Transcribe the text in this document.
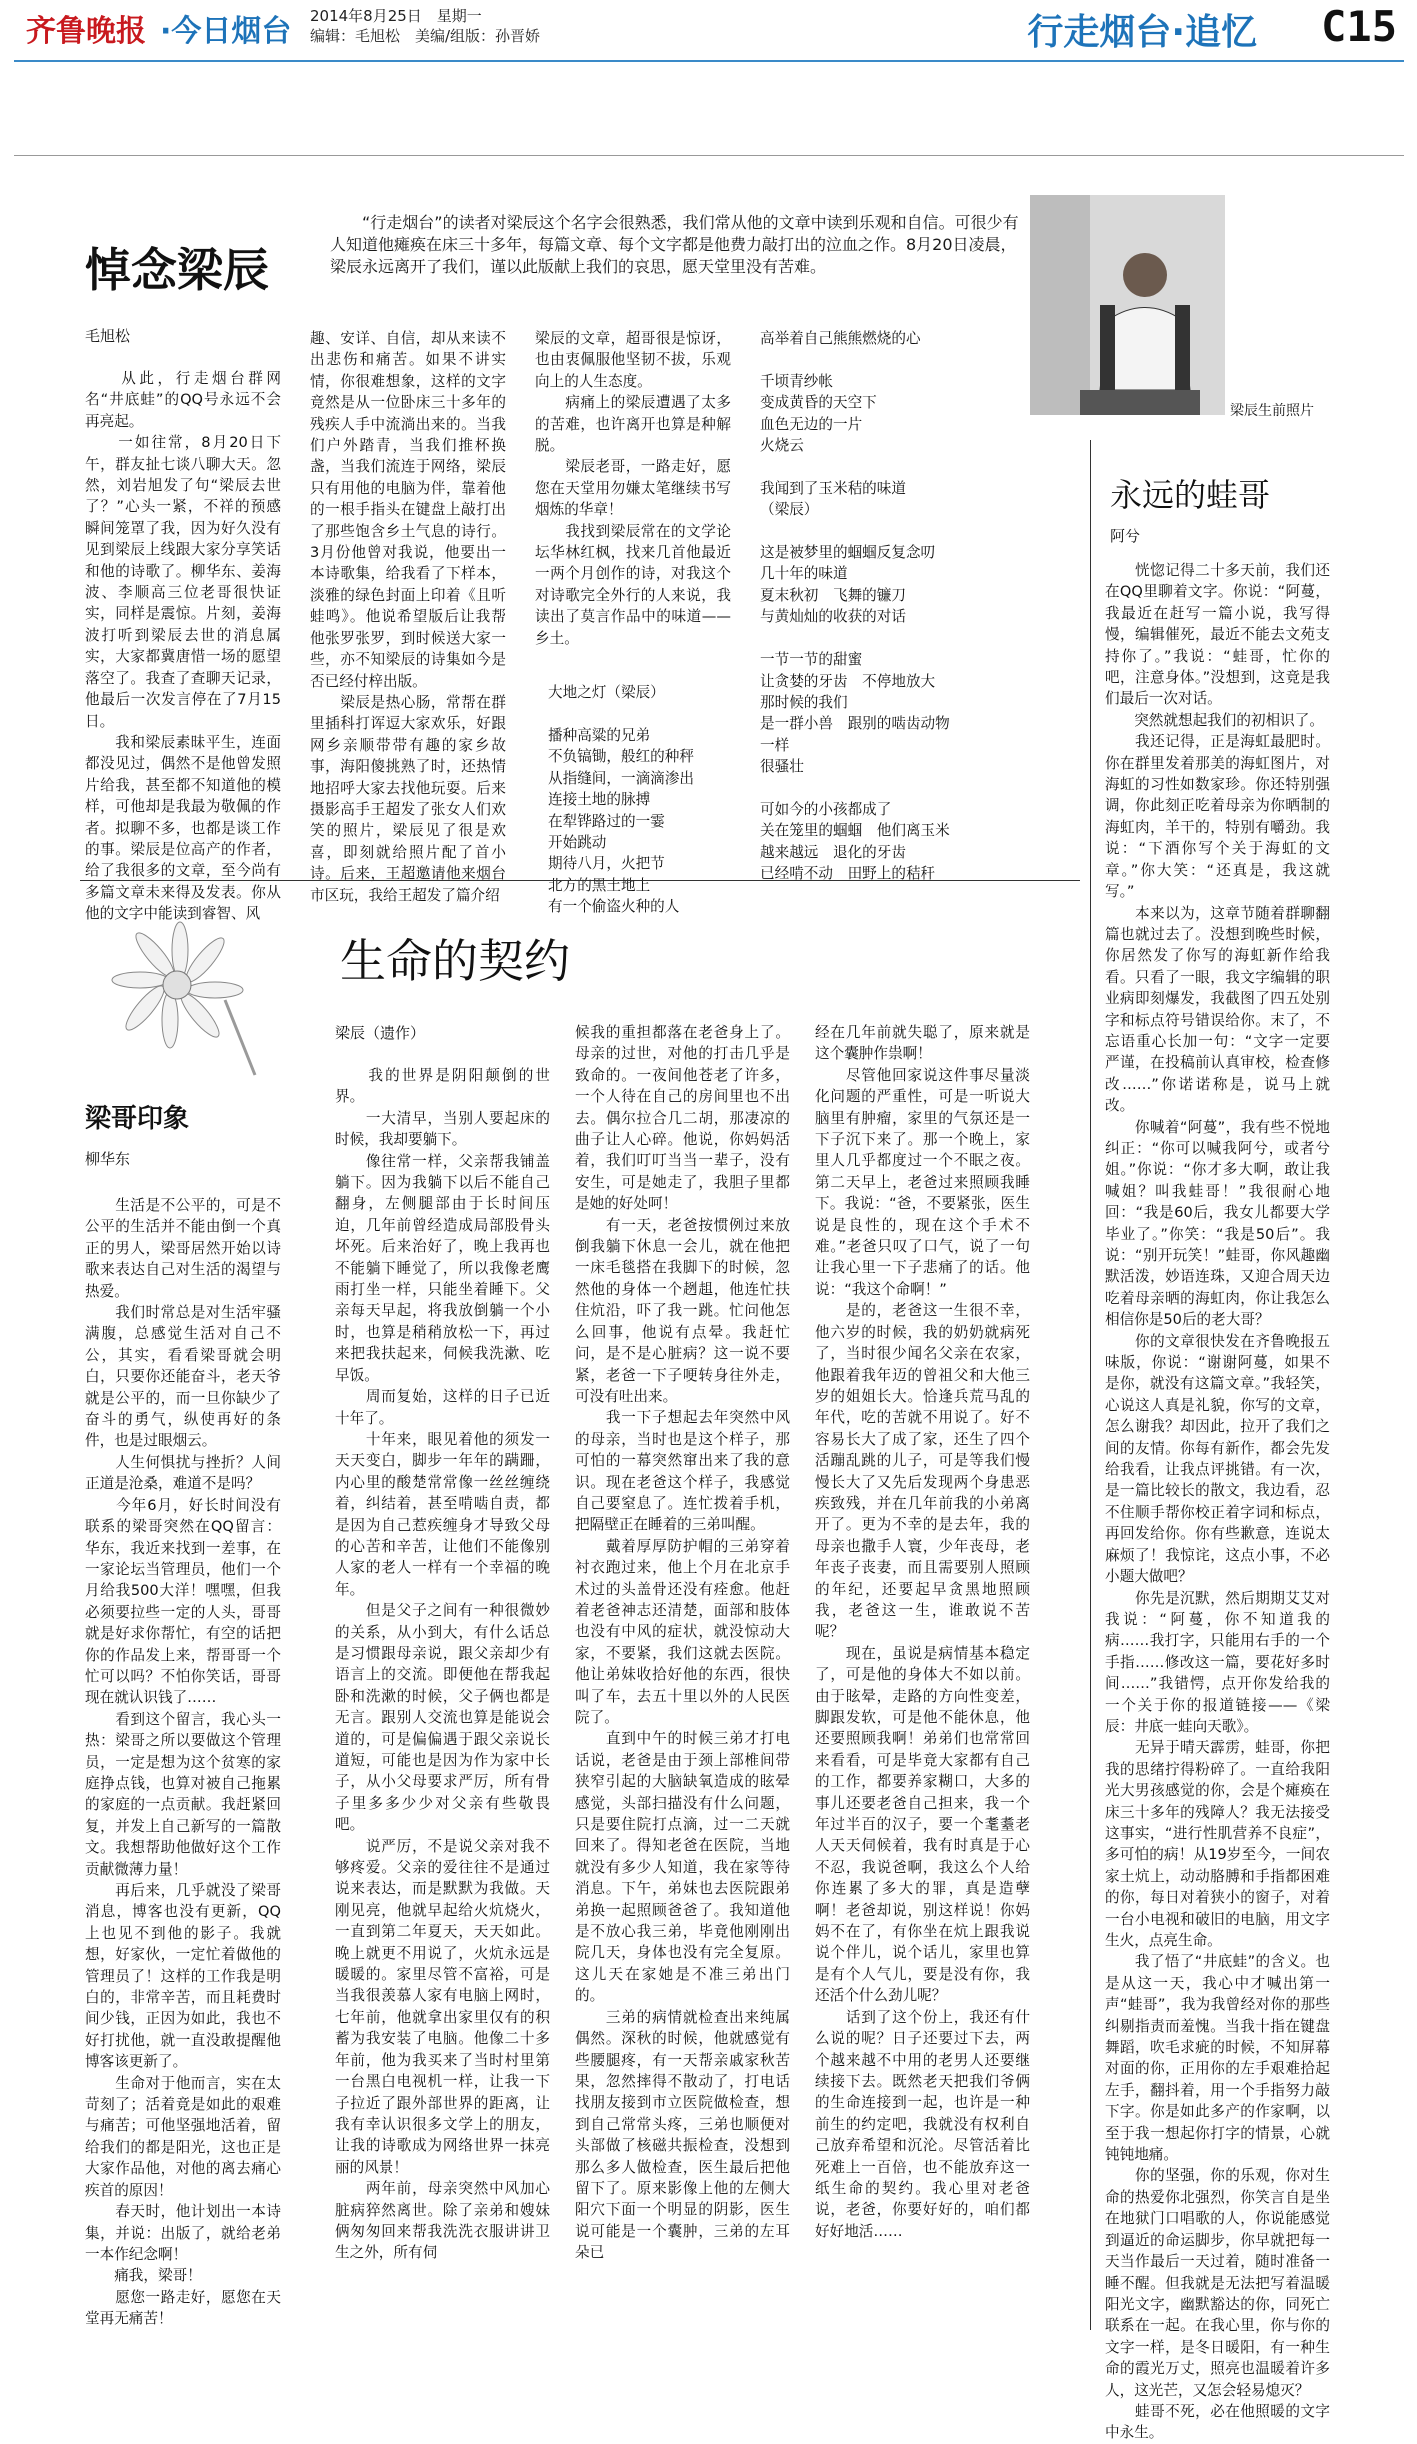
齐鲁晚报 ·今日烟台 2014年8月25日　星期一
编辑：毛旭松　美编/组版：孙晋娇	行走烟台·追忆 C15
悼念梁辰
　　“行走烟台”的读者对梁辰这个名字会很熟悉，我们常从他的文章中读到乐观和自信。可很少有人知道他瘫痪在床三十多年，每篇文章、每个文字都是他费力敲打出的泣血之作。8月20日凌晨，梁辰永远离开了我们，谨以此版献上我们的哀思，愿天堂里没有苦难。
毛旭松
　　从此，行走烟台群网名“井底蛙”的QQ号永远不会再亮起。
　　一如往常，8月20日下午，群友扯七谈八聊大天。忽然，刘岩旭发了句“梁辰去世了？”心头一紧，不祥的预感瞬间笼罩了我，因为好久没有见到梁辰上线跟大家分享笑话和他的诗歌了。柳华东、姜海波、李顺高三位老哥很快证实，同样是震惊。片刻，姜海波打听到梁辰去世的消息属实，大家都冀唐惜一场的愿望落空了。我查了查聊天记录，他最后一次发言停在了7月15日。
　　我和梁辰素昧平生，连面都没见过，偶然不是他曾发照片给我，甚至都不知道他的模样，可他却是我最为敬佩的作者。拟聊不多，也都是谈工作的事。梁辰是位高产的作者，给了我很多的文章，至今尚有多篇文章未来得及发表。你从他的文字中能读到睿智、风
趣、安详、自信，却从来读不出悲伤和痛苦。如果不讲实情，你很难想象，这样的文字竟然是从一位卧床三十多年的残疾人手中流淌出来的。当我们户外踏青，当我们推杯换盏，当我们流连于网络，梁辰只有用他的电脑为伴，靠着他的一根手指头在键盘上敲打出了那些饱含乡土气息的诗行。3月份他曾对我说，他要出一本诗歌集，给我看了下样本，淡雅的绿色封面上印着《且听蛙鸣》。他说希望版后让我帮他张罗张罗，到时候送大家一些，亦不知梁辰的诗集如今是否已经付梓出版。
　　梁辰是热心肠，常帮在群里插科打诨逗大家欢乐，好跟网乡亲顺带带有趣的家乡故事，海阳傻挑熟了时，还热情地招呼大家去找他玩耍。后来摄影高手王超发了张女人们欢笑的照片，梁辰见了很是欢喜，即刻就给照片配了首小诗。后来，王超邀请他来烟台市区玩，我给王超发了篇介绍
梁辰的文章，超哥很是惊讶，也由衷佩服他坚韧不拔，乐观向上的人生态度。
　　病痛上的梁辰遭遇了太多的苦难，也许离开也算是种解脱。
　　梁辰老哥，一路走好，愿您在天堂用勿嫌太笔继续书写烟炼的华章！
　　我找到梁辰常在的文学论坛华林红枫，找来几首他最近一两个月创作的诗，对我这个对诗歌完全外行的人来说，我读出了莫言作品中的味道——乡土。
大地之灯（梁辰）
播种高粱的兄弟
不负镐锄，般红的种秤
从指缝间，一滴滴渗出
连接土地的脉搏
在犁铧路过的一霎
开始跳动
期待八月，火把节
北方的黑土地上
有一个偷盗火种的人
高举着自己熊熊燃烧的心

千顷青纱帐
变成黄昏的天空下
血色无边的一片
火烧云

我闻到了玉米秸的味道
（梁辰）

这是被梦里的蝈蝈反复念叨
几十年的味道
夏末秋初　飞舞的镰刀
与黄灿灿的收获的对话

一节一节的甜蜜
让贪婪的牙齿　不停地放大
那时候的我们
是一群小兽　跟别的啮齿动物一样
很骚壮

可如今的小孩都成了
关在笼里的蝈蝈　他们离玉米
越来越远　退化的牙齿
已经啃不动　田野上的秸秆
梁辰生前照片
永远的蛙哥
阿兮
　　恍惚记得二十多天前，我们还在QQ里聊着文字。你说：“阿蔓，我最近在赶写一篇小说，我写得慢，编辑催死，最近不能去文苑支持你了。”我说：“蛙哥，忙你的吧，注意身体。”没想到，这竟是我们最后一次对话。
　　突然就想起我们的初相识了。
　　我还记得，正是海虹最肥时。你在群里发着那美的海虹图片，对海虹的习性如数家珍。你还特别强调，你此刻正吃着母亲为你晒制的海虹肉，羊干的，特别有嚼劲。我说：“下酒你写个关于海虹的文章。”你大笑：“还真是，我这就写。”
　　本来以为，这章节随着群聊翻篇也就过去了。没想到晚些时候，你居然发了你写的海虹新作给我看。只看了一眼，我文字编辑的职业病即刻爆发，我截图了四五处别字和标点符号错误给你。末了，不忘语重心长加一句：“文字一定要严谨，在投稿前认真审校，检查修改……”你诺诺称是，说马上就改。
　　你喊着“阿蔓”，我有些不悦地纠正：“你可以喊我阿兮，或者兮姐。”你说：“你才多大啊，敢让我喊姐？叫我蛙哥！”我很耐心地回：“我是60后，我女儿都要大学毕业了。”你笑：“我是50后”。我说：“别开玩笑！”蛙哥，你风趣幽默活泼，妙语连珠，又迎合周天边吃着母亲晒的海虹肉，你让我怎么相信你是50后的老大哥？
　　你的文章很快发在齐鲁晚报五味版，你说：“谢谢阿蔓，如果不是你，就没有这篇文章。”我轻笑，心说这人真是礼貌，你写的文章，怎么谢我？却因此，拉开了我们之间的友情。你每有新作，都会先发给我看，让我点评挑错。有一次，是一篇比较长的散文，我边看，忍不住顺手帮你校正着字词和标点，再回发给你。你有些歉意，连说太麻烦了！我惊诧，这点小事，不必小题大做吧？
　　你先是沉默，然后期期艾艾对我说：“阿蔓，你不知道我的病……我打字，只能用右手的一个手指……修改这一篇，要花好多时间……”我错愕，点开你发给我的一个关于你的报道链接——《梁辰：井底一蛙向天歌》。
　　无异于晴天霹雳，蛙哥，你把我的思绪拧得粉碎了。一直给我阳光大男孩感觉的你，会是个瘫痪在床三十多年的残障人？我无法接受这事实，“进行性肌营养不良症”，多可怕的病！从19岁至今，一间农家土炕上，动动胳膊和手指都困难的你，每日对着狭小的窗子，对着一台小电视和破旧的电脑，用文字生火，点亮生命。
　　我了悟了“井底蛙”的含义。也是从这一天，我心中才喊出第一声“蛙哥”，我为我曾经对你的那些纠剔指责而羞愧。当我十指在键盘舞蹈，吹毛求疵的时候，不知屏幕对面的你，正用你的左手艰难拾起左手，翻抖着，用一个手指努力敲下字。你是如此多产的作家啊，以至于我一想起你打字的情景，心就钝钝地痛。
　　你的坚强，你的乐观，你对生命的热爱你北强烈，你笑言自是坐在地狱门口唱歌的人，你说能感觉到逼近的命运脚步，你早就把每一天当作最后一天过着，随时准备一睡不醒。但我就是无法把写着温暖阳光文字，幽默豁达的你，同死亡联系在一起。在我心里，你与你的文字一样，是冬日暖阳，有一种生命的霞光万丈，照亮也温暖着许多人，这光芒，又怎会轻易熄灭？
　　蛙哥不死，必在他照暖的文字中永生。
梁哥印象
柳华东
　　生活是不公平的，可是不公平的生活并不能由倒一个真正的男人，梁哥居然开始以诗歌来表达自己对生活的渴望与热爱。
　　我们时常总是对生活牢骚满腹，总感觉生活对自己不公，其实，看看梁哥就会明白，只要你还能奋斗，老天爷就是公平的，而一旦你缺少了奋斗的勇气，纵使再好的条件，也是过眼烟云。
　　人生何惧扰与挫折？人间正道是沧桑，难道不是吗？
　　今年6月，好长时间没有联系的梁哥突然在QQ留言：华东，我近来找到一差事，在一家论坛当管理员，他们一个月给我500大洋！嘿嘿，但我必须要拉些一定的人头，哥哥就是好求你帮忙，有空的话把你的作品发上来，帮哥哥一个忙可以吗？不怕你笑话，哥哥现在就认识钱了……
　　看到这个留言，我心头一热：梁哥之所以要做这个管理员，一定是想为这个贫寒的家庭挣点钱，也算对被自己拖累的家庭的一点贡献。我赶紧回复，并发上自己新写的一篇散文。我想帮助他做好这个工作贡献微薄力量！
　　再后来，几乎就没了梁哥消息，博客也没有更新，QQ上也见不到他的影子。我就想，好家伙，一定忙着做他的管理员了！这样的工作我是明白的，非常辛苦，而且耗费时间少钱，正因为如此，我也不好打扰他，就一直没敢提醒他博客该更新了。
　　生命对于他而言，实在太苛刻了；活着竟是如此的艰难与痛苦；可他坚强地活着，留给我们的都是阳光，这也正是大家作品他，对他的离去痛心疾首的原因！
　　春天时，他计划出一本诗集，并说：出版了，就给老弟一本作纪念啊！
　　痛我，梁哥！
　　愿您一路走好，愿您在天堂再无痛苦！
生命的契约
梁辰（遗作）
　　我的世界是阴阳颠倒的世界。
　　一大清早，当别人要起床的时候，我却要躺下。
　　像往常一样，父亲帮我铺盖躺下。因为我躺下以后不能自己翻身，左侧腿部由于长时间压迫，几年前曾经造成局部股骨头坏死。后来治好了，晚上我再也不能躺下睡觉了，所以我像老鹰雨打坐一样，只能坐着睡下。父亲每天早起，将我放倒躺一个小时，也算是稍稍放松一下，再过来把我扶起来，伺候我洗漱、吃早饭。
　　周而复始，这样的日子已近十年了。
　　十年来，眼见着他的须发一天天变白，脚步一年年的蹒跚，内心里的酸楚常常像一丝丝缠绕着，纠结着，甚至啃啮自责，都是因为自己惹疾缠身才导致父母的心苦和辛苦，让他们不能像别人家的老人一样有一个幸福的晚年。
　　但是父子之间有一种很微妙的关系，从小到大，有什么话总是习惯跟母亲说，跟父亲却少有语言上的交流。即便他在帮我起卧和洗漱的时候，父子俩也都是无言。跟别人交流也算是能说会道的，可是偏偏遇于跟父亲说长道短，可能也是因为作为家中长子，从小父母要求严厉，所有骨子里多多少少对父亲有些敬畏吧。
　　说严厉，不是说父亲对我不够疼爱。父亲的爱往往不是通过说来表达，而是默默为我做。天刚见亮，他就早起给火炕烧火，一直到第二年夏天，天天如此。晚上就更不用说了，火炕永远是暖暖的。家里尽管不富裕，可是当我很羡慕人家有电脑上网时，七年前，他就拿出家里仅有的积蓄为我安装了电脑。他像二十多年前，他为我买来了当时村里第一台黑白电视机一样，让我一下子拉近了跟外部世界的距离，让我有幸认识很多文学上的朋友，让我的诗歌成为网络世界一抹亮丽的风景！
　　两年前，母亲突然中风加心脏病猝然离世。除了亲弟和嫂妹俩匆匆回来帮我洗洗衣服讲讲卫生之外，所有伺
候我的重担都落在老爸身上了。母亲的过世，对他的打击几乎是致命的。一夜间他苍老了许多，一个人待在自己的房间里也不出去。偶尔拉合几二胡，那凄凉的曲子让人心碎。他说，你妈妈活着，我们叮叮当当一辈子，没有安生，可是她走了，我胆子里都是她的好处呵！
　　有一天，老爸按惯例过来放倒我躺下休息一会儿，就在他把一床毛毯搭在我脚下的时候，忽然他的身体一个趔趄，他连忙扶住炕沿，吓了我一跳。忙问他怎么回事，他说有点晕。我赶忙问，是不是心脏病？这一说不要紧，老爸一下子哽转身往外走，可没有吐出来。
　　我一下子想起去年突然中风的母亲，当时也是这个样子，那可怕的一幕突然窜出来了我的意识。现在老爸这个样子，我感觉自己要窒息了。连忙拨着手机，把隔壁正在睡着的三弟叫醒。
　　戴着厚厚防护帽的三弟穿着衬衣跑过来，他上个月在北京手术过的头盖骨还没有痊愈。他赶着老爸神志还清楚，面部和肢体也没有中风的症状，就没惊动大家，不要紧，我们这就去医院。他让弟妹收拾好他的东西，很快叫了车，去五十里以外的人民医院了。
　　直到中午的时候三弟才打电话说，老爸是由于颈上部椎间带狭窄引起的大脑缺氧造成的眩晕感觉，头部扫描没有什么问题，只是要住院打点滴，过一二天就回来了。得知老爸在医院，当地就没有多少人知道，我在家等待消息。下午，弟妹也去医院跟弟弟换一起照顾爸爸了。我知道他是不放心我三弟，毕竟他刚刚出院几天，身体也没有完全复原。这儿天在家她是不准三弟出门的。
　　三弟的病情就检查出来纯属偶然。深秋的时候，他就感觉有些腰腿疼，有一天帮亲戚家秋苦果，忽然摔得不散动了，打电话找朋友接到市立医院做检查，想到自己常常头疼，三弟也顺便对头部做了核磁共振检查，没想到那么多人做检查，医生最后把他留下了。原来影像上他的左侧大阳穴下面一个明显的阴影，医生说可能是一个囊肿，三弟的左耳朵已
经在几年前就失聪了，原来就是这个囊肿作祟啊！
　　尽管他回家说这件事尽量淡化问题的严重性，可是一听说大脑里有肿瘤，家里的气氛还是一下子沉下来了。那一个晚上，家里人几乎都度过一个不眠之夜。第二天早上，老爸过来照顾我睡下。我说：“爸，不要紧张，医生说是良性的，现在这个手术不难。”老爸只叹了口气，说了一句让我心里一下子悲痛了的话。他说：“我这个命啊！”
　　是的，老爸这一生很不幸，他六岁的时候，我的奶奶就病死了，当时很少闻名父亲在农家，他跟着我年迈的曾祖父和大他三岁的姐姐长大。恰逢兵荒马乱的年代，吃的苦就不用说了。好不容易长大了成了家，还生了四个活蹦乱跳的儿子，可是等我们慢慢长大了又先后发现两个身患恶疾致残，并在几年前我的小弟离开了。更为不幸的是去年，我的母亲也撒手人寰，少年丧母，老年丧子丧妻，而且需要别人照顾的年纪，还要起早贪黑地照顾我，老爸这一生，谁敢说不苦呢？
　　现在，虽说是病情基本稳定了，可是他的身体大不如以前。由于眩晕，走路的方向性变差，脚跟发软，可是他不能休息，他还要照顾我啊！弟弟们也常常回来看看，可是毕竟大家都有自己的工作，都要养家糊口，大多的事儿还要老爸自己担来，我一个年过半百的汉子，要一个耄耋老人天天伺候着，我有时真是于心不忍，我说爸啊，我这么个人给你连累了多大的罪，真是造孽啊！老爸却说，别这样说！你妈妈不在了，有你坐在炕上跟我说说个伴儿，说个话儿，家里也算是有个人气儿，要是没有你，我还活个什么劲儿呢？
　　话到了这个份上，我还有什么说的呢？日子还要过下去，两个越来越不中用的老男人还要继续接下去。既然老天把我们爷俩的生命连接到一起，也许是一种前生的约定吧，我就没有权利自己放弃希望和沉沦。尽管活着比死难上一百倍，也不能放弃这一纸生命的契约。我心里对老爸说，老爸，你要好好的，咱们都好好地活……
